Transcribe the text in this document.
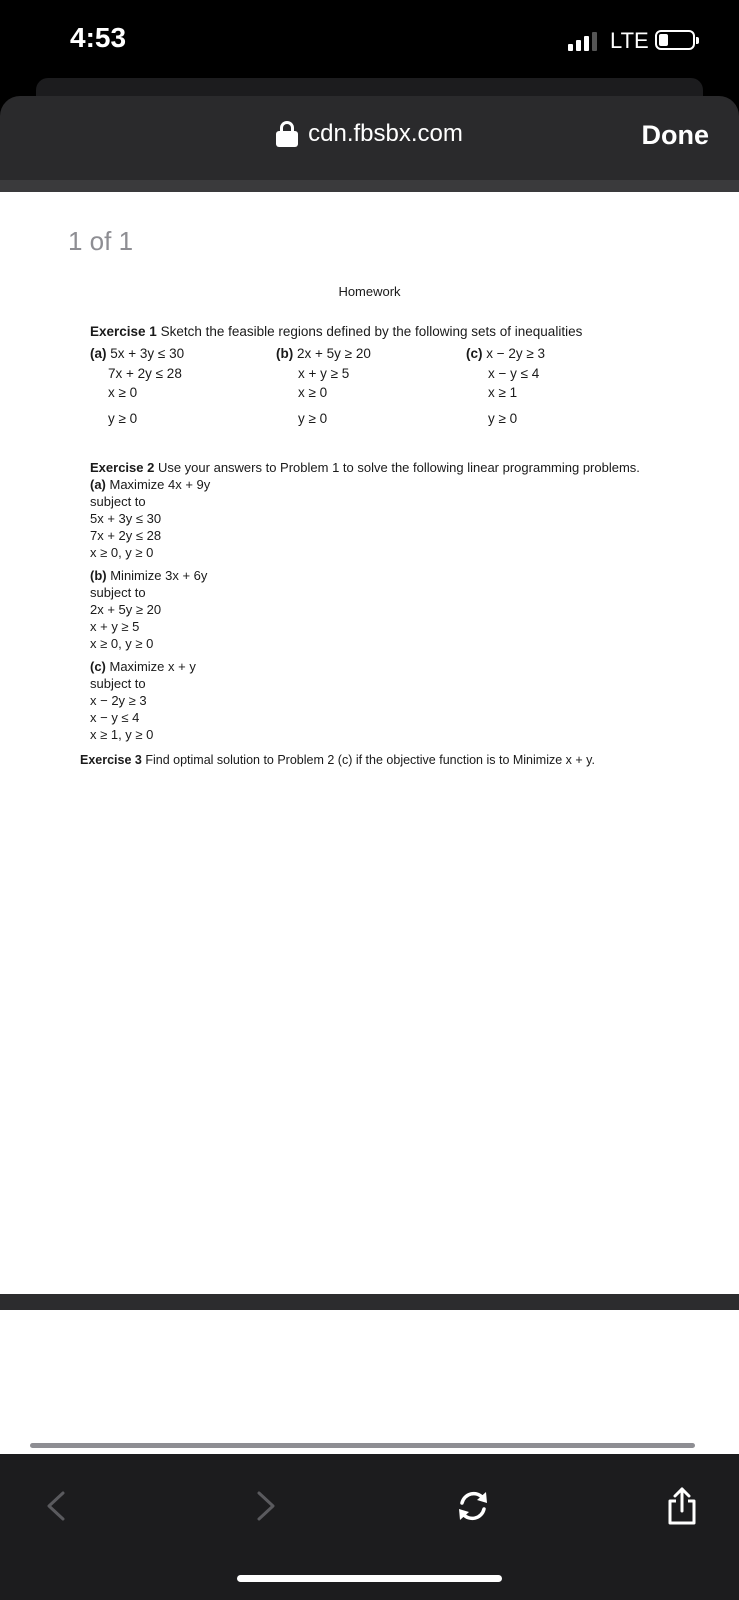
4:53	LTE
cdn.fbsbx.com	Done
1 of 1
Homework
Exercise 1 Sketch the feasible regions defined by the following sets of inequalities
(a) 5x + 3y ≤ 30
7x + 2y ≤ 28
x ≥ 0
y ≥ 0
(b) 2x + 5y ≥ 20
x + y ≥ 5
x ≥ 0
y ≥ 0
(c) x − 2y ≥ 3
x − y ≤ 4
x ≥ 1
y ≥ 0
Exercise 2 Use your answers to Problem 1 to solve the following linear programming problems.
(a) Maximize 4x + 9y
subject to
5x + 3y ≤ 30
7x + 2y ≤ 28
x ≥ 0, y ≥ 0
(b) Minimize 3x + 6y
subject to
2x + 5y ≥ 20
x + y ≥ 5
x ≥ 0, y ≥ 0
(c) Maximize x + y
subject to
x − 2y ≥ 3
x − y ≤ 4
x ≥ 1, y ≥ 0
Exercise 3 Find optimal solution to Problem 2 (c) if the objective function is to Minimize x + y.
